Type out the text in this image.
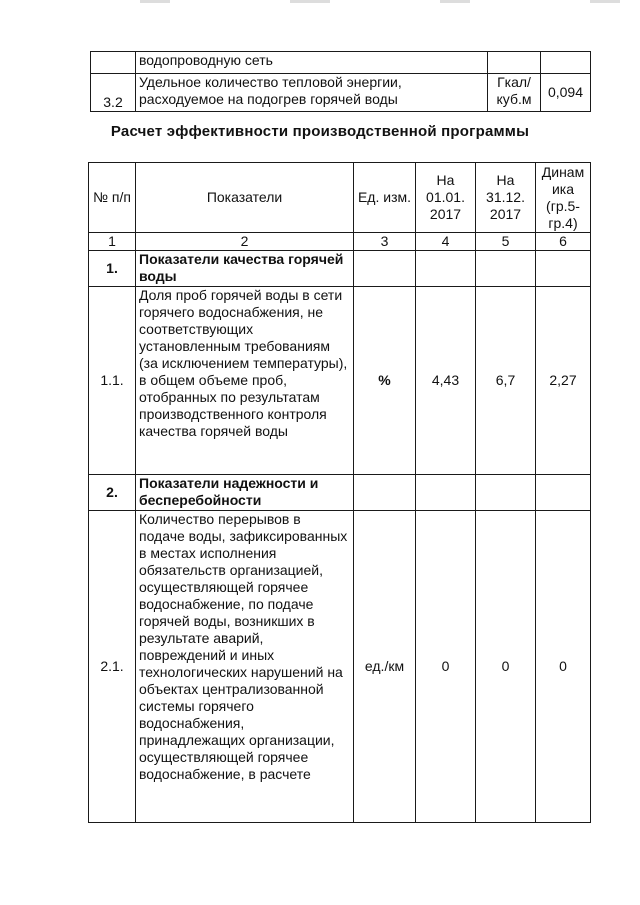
	водопроводную сеть		
3.2	Удельное количество тепловой энергии, расходуемое на подогрев горячей воды	Гкал/ куб.м	0,094
Расчет эффективности производственной программы
№ п/п	Показатели	Ед. изм.	На 01.01. 2017	На 31.12. 2017	Динам ика (гр.5- гр.4)
1	2	3	4	5	6
1.	Показатели качества горячей воды				
1.1.	Доля проб горячей воды в сети горячего водоснабжения, не соответствующих установленным требованиям (за исключением температуры), в общем объеме проб, отобранных по результатам производственного контроля качества горячей воды	%	4,43	6,7	2,27
2.	Показатели надежности и бесперебойности				
2.1.	Количество перерывов в подаче воды, зафиксированных в местах исполнения обязательств организацией, осуществляющей горячее водоснабжение, по подаче горячей воды, возникших в результате аварий, повреждений и иных технологических нарушений на объектах централизованной системы горячего водоснабжения, принадлежащих организации, осуществляющей горячее водоснабжение, в расчете	ед./км	0	0	0
